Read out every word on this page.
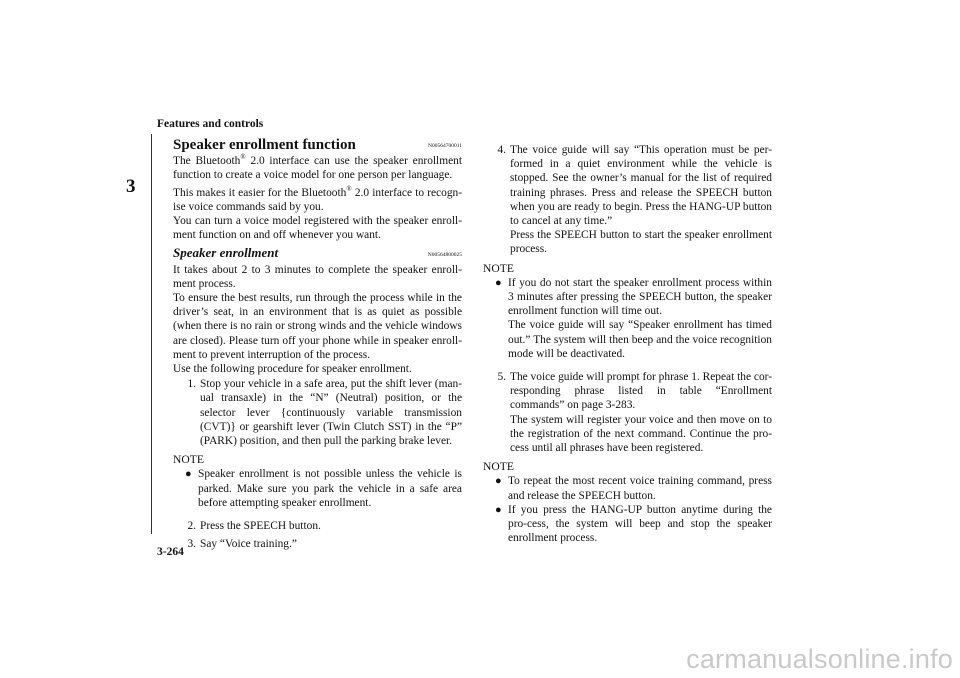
Features and controls
3
Speaker enrollment function	N00564700011

The Bluetooth® 2.0 interface can use the speaker enrollment function to create a voice model for one person per language.

This makes it easier for the Bluetooth® 2.0 interface to recogn-ise voice commands said by you.

You can turn a voice model registered with the speaker enroll-ment function on and off whenever you want.

Speaker enrollment	N00564800025

It takes about 2 to 3 minutes to complete the speaker enroll-ment process.

To ensure the best results, run through the process while in the driver’s seat, in an environment that is as quiet as possible (when there is no rain or strong winds and the vehicle windows are closed). Please turn off your phone while in speaker enroll-ment to prevent interruption of the process.

Use the following procedure for speaker enrollment.

1. Stop your vehicle in a safe area, put the shift lever (man-ual transaxle) in the “N” (Neutral) position, or the selector lever {continuously variable transmission (CVT)} or gearshift lever (Twin Clutch SST) in the “P” (PARK) position, and then pull the parking brake lever.
NOTE
● Speaker enrollment is not possible unless the vehicle is parked. Make sure you park the vehicle in a safe area before attempting speaker enrollment.
2. Press the SPEECH button.
3. Say “Voice training.”
4. The voice guide will say “This operation must be per-formed in a quiet environment while the vehicle is stopped. See the owner’s manual for the list of required training phrases. Press and release the SPEECH button when you are ready to begin. Press the HANG-UP button to cancel at any time.”
Press the SPEECH button to start the speaker enrollment process.
NOTE
● If you do not start the speaker enrollment process within 3 minutes after pressing the SPEECH button, the speaker enrollment function will time out.
The voice guide will say “Speaker enrollment has timed out.” The system will then beep and the voice recognition mode will be deactivated.
5. The voice guide will prompt for phrase 1. Repeat the cor-responding phrase listed in table “Enrollment commands” on page 3-283.
The system will register your voice and then move on to the registration of the next command. Continue the pro-cess until all phrases have been registered.
NOTE
● To repeat the most recent voice training command, press and release the SPEECH button.
● If you press the HANG-UP button anytime during the pro-cess, the system will beep and stop the speaker enrollment process.
3-264
carmanualsonline.info
